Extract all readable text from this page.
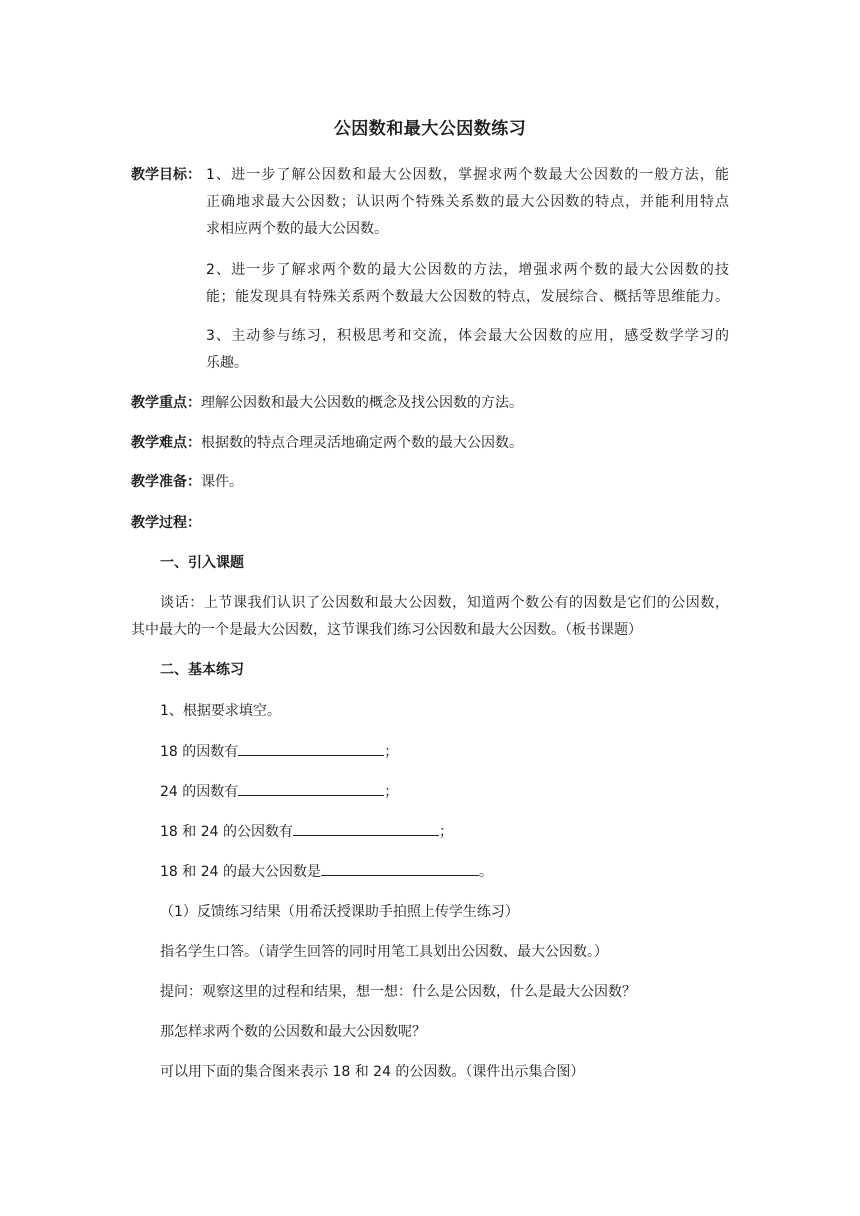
公因数和最大公因数练习
教学目标： 1、进一步了解公因数和最大公因数，掌握求两个数最大公因数的一般方法，能
正确地求最大公因数；认识两个特殊关系数的最大公因数的特点，并能利用特点
求相应两个数的最大公因数。
2、进一步了解求两个数的最大公因数的方法，增强求两个数的最大公因数的技
能；能发现具有特殊关系两个数最大公因数的特点，发展综合、概括等思维能力。
3、主动参与练习，积极思考和交流，体会最大公因数的应用，感受数学学习的
乐趣。
教学重点：理解公因数和最大公因数的概念及找公因数的方法。
教学难点：根据数的特点合理灵活地确定两个数的最大公因数。
教学准备：课件。
教学过程：
一、引入课题
谈话：上节课我们认识了公因数和最大公因数，知道两个数公有的因数是它们的公因数，
其中最大的一个是最大公因数，这节课我们练习公因数和最大公因数。（板书课题）
二、基本练习
1、根据要求填空。
18 的因数有	；
24 的因数有	；
18 和 24 的公因数有	；
18 和 24 的最大公因数是	。
（1）反馈练习结果（用希沃授课助手拍照上传学生练习）
指名学生口答。（请学生回答的同时用笔工具划出公因数、最大公因数。）
提问：观察这里的过程和结果，想一想：什么是公因数，什么是最大公因数？
那怎样求两个数的公因数和最大公因数呢？
可以用下面的集合图来表示 18 和 24 的公因数。（课件出示集合图）
